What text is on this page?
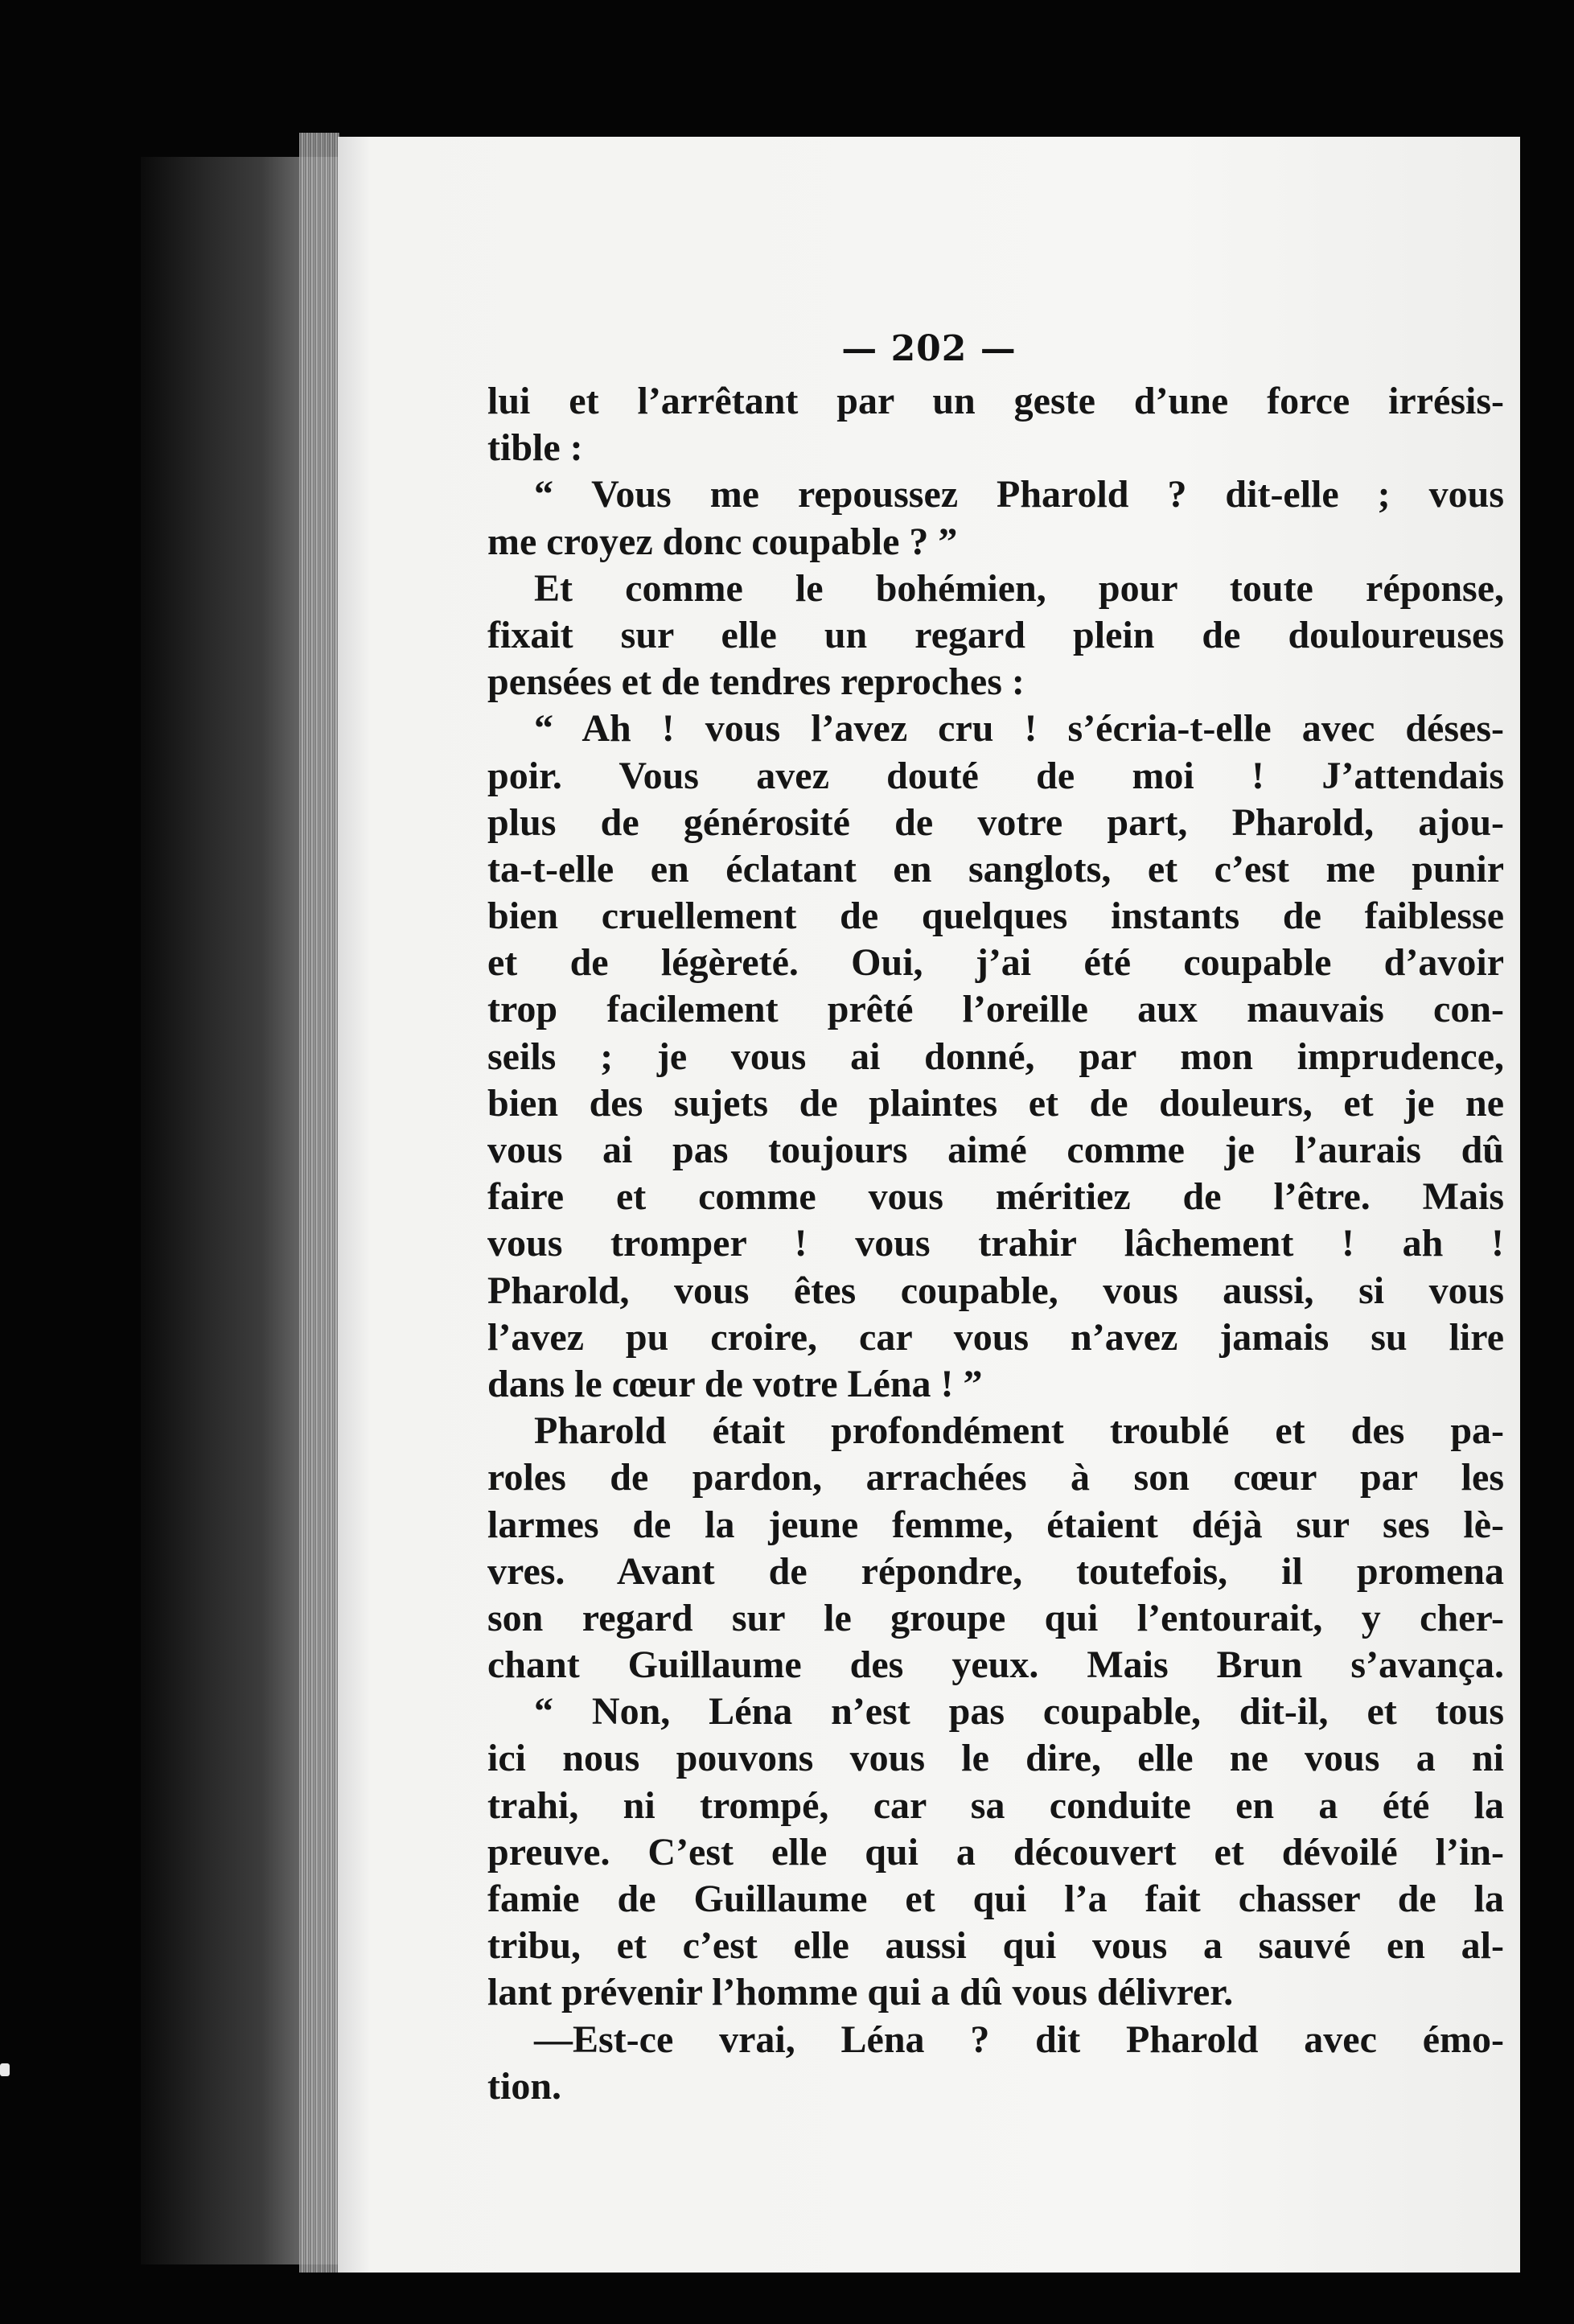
— 202 —
lui et l’arrêtant par un geste d’une force irrésis-
tible :
“ Vous me repoussez Pharold ? dit-elle ; vous
me croyez donc coupable ? ”
Et comme le bohémien, pour toute réponse,
fixait sur elle un regard plein de douloureuses
pensées et de tendres reproches :
“ Ah ! vous l’avez cru ! s’écria-t-elle avec déses-
poir. Vous avez douté de moi ! J’attendais
plus de générosité de votre part, Pharold, ajou-
ta-t-elle en éclatant en sanglots, et c’est me punir
bien cruellement de quelques instants de faiblesse
et de légèreté. Oui, j’ai été coupable d’avoir
trop facilement prêté l’oreille aux mauvais con-
seils ; je vous ai donné, par mon imprudence,
bien des sujets de plaintes et de douleurs, et je ne
vous ai pas toujours aimé comme je l’aurais dû
faire et comme vous méritiez de l’être. Mais
vous tromper ! vous trahir lâchement ! ah !
Pharold, vous êtes coupable, vous aussi, si vous
l’avez pu croire, car vous n’avez jamais su lire
dans le cœur de votre Léna ! ”
Pharold était profondément troublé et des pa-
roles de pardon, arrachées à son cœur par les
larmes de la jeune femme, étaient déjà sur ses lè-
vres. Avant de répondre, toutefois, il promena
son regard sur le groupe qui l’entourait, y cher-
chant Guillaume des yeux. Mais Brun s’avança.
“ Non, Léna n’est pas coupable, dit-il, et tous
ici nous pouvons vous le dire, elle ne vous a ni
trahi, ni trompé, car sa conduite en a été la
preuve. C’est elle qui a découvert et dévoilé l’in-
famie de Guillaume et qui l’a fait chasser de la
tribu, et c’est elle aussi qui vous a sauvé en al-
lant prévenir l’homme qui a dû vous délivrer.
—Est-ce vrai, Léna ? dit Pharold avec émo-
tion.
